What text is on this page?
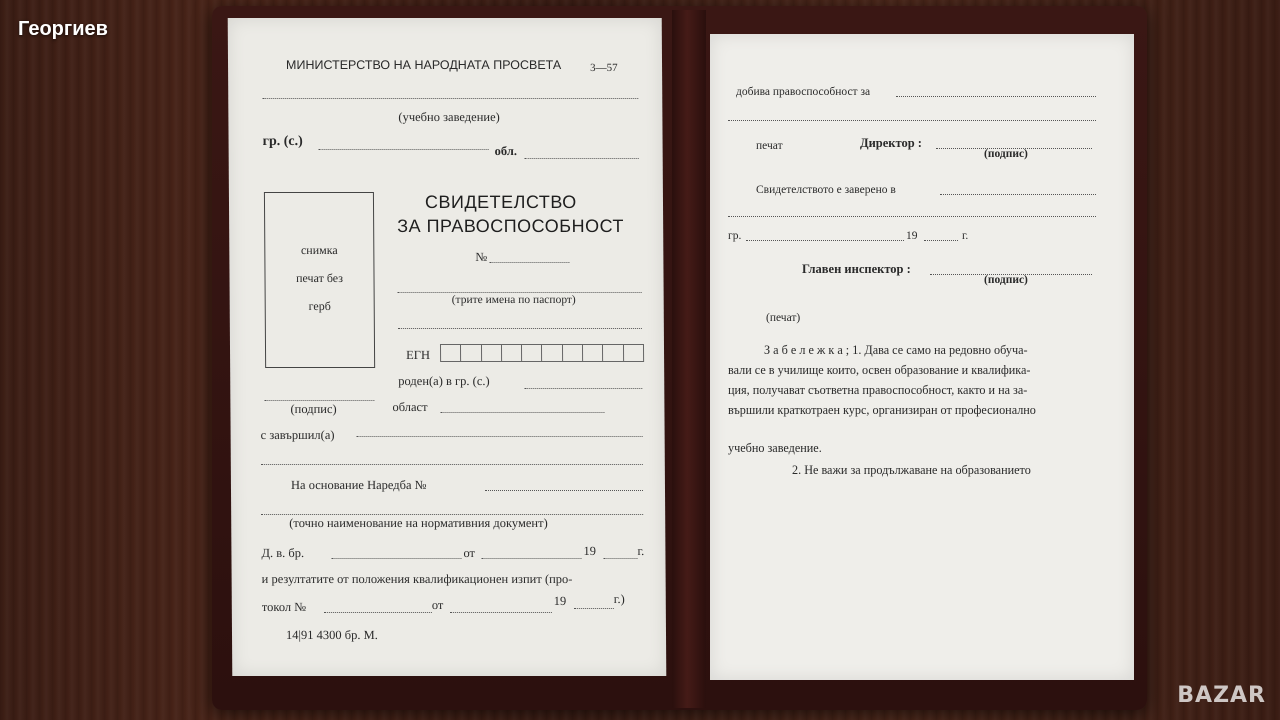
МИНИСТЕРСТВО НА НАРОДНАТА ПРОСВЕТА	3—57
(учебно заведение)
гр. (с.)
обл.
снимка
печат без
герб
СВИДЕТЕЛСТВО
ЗА ПРАВОСПОСОБНОСТ
№
(трите имена по паспорт)
ЕГН
роден(а) в гр. (с.)
(подпис)	област
с завършил(а)
На основание Наредба №
(точно наименование на нормативния документ)
Д. в. бр.	от	19	г.
и резултатите от положения квалификационен изпит (про-
токол №	от	19	г.)
14|91 4300 бр. М.
добива правоспособност за
печат	Директор :
(подпис)
Свидетелството е заверено в
гр.	19	г.
Главен инспектор :
(подпис)
(печат)
З а б е л е ж к а ; 1. Дава се само на редовно обуча-
вали се в училище които, освен образование и квалифика-
ция, получават съответна правоспособност, както и на за-
вършили краткотраен курс, организиран от професионално
учебно заведение.
2. Не важи за продължаване на образованието
Георгиев
BAZAR
